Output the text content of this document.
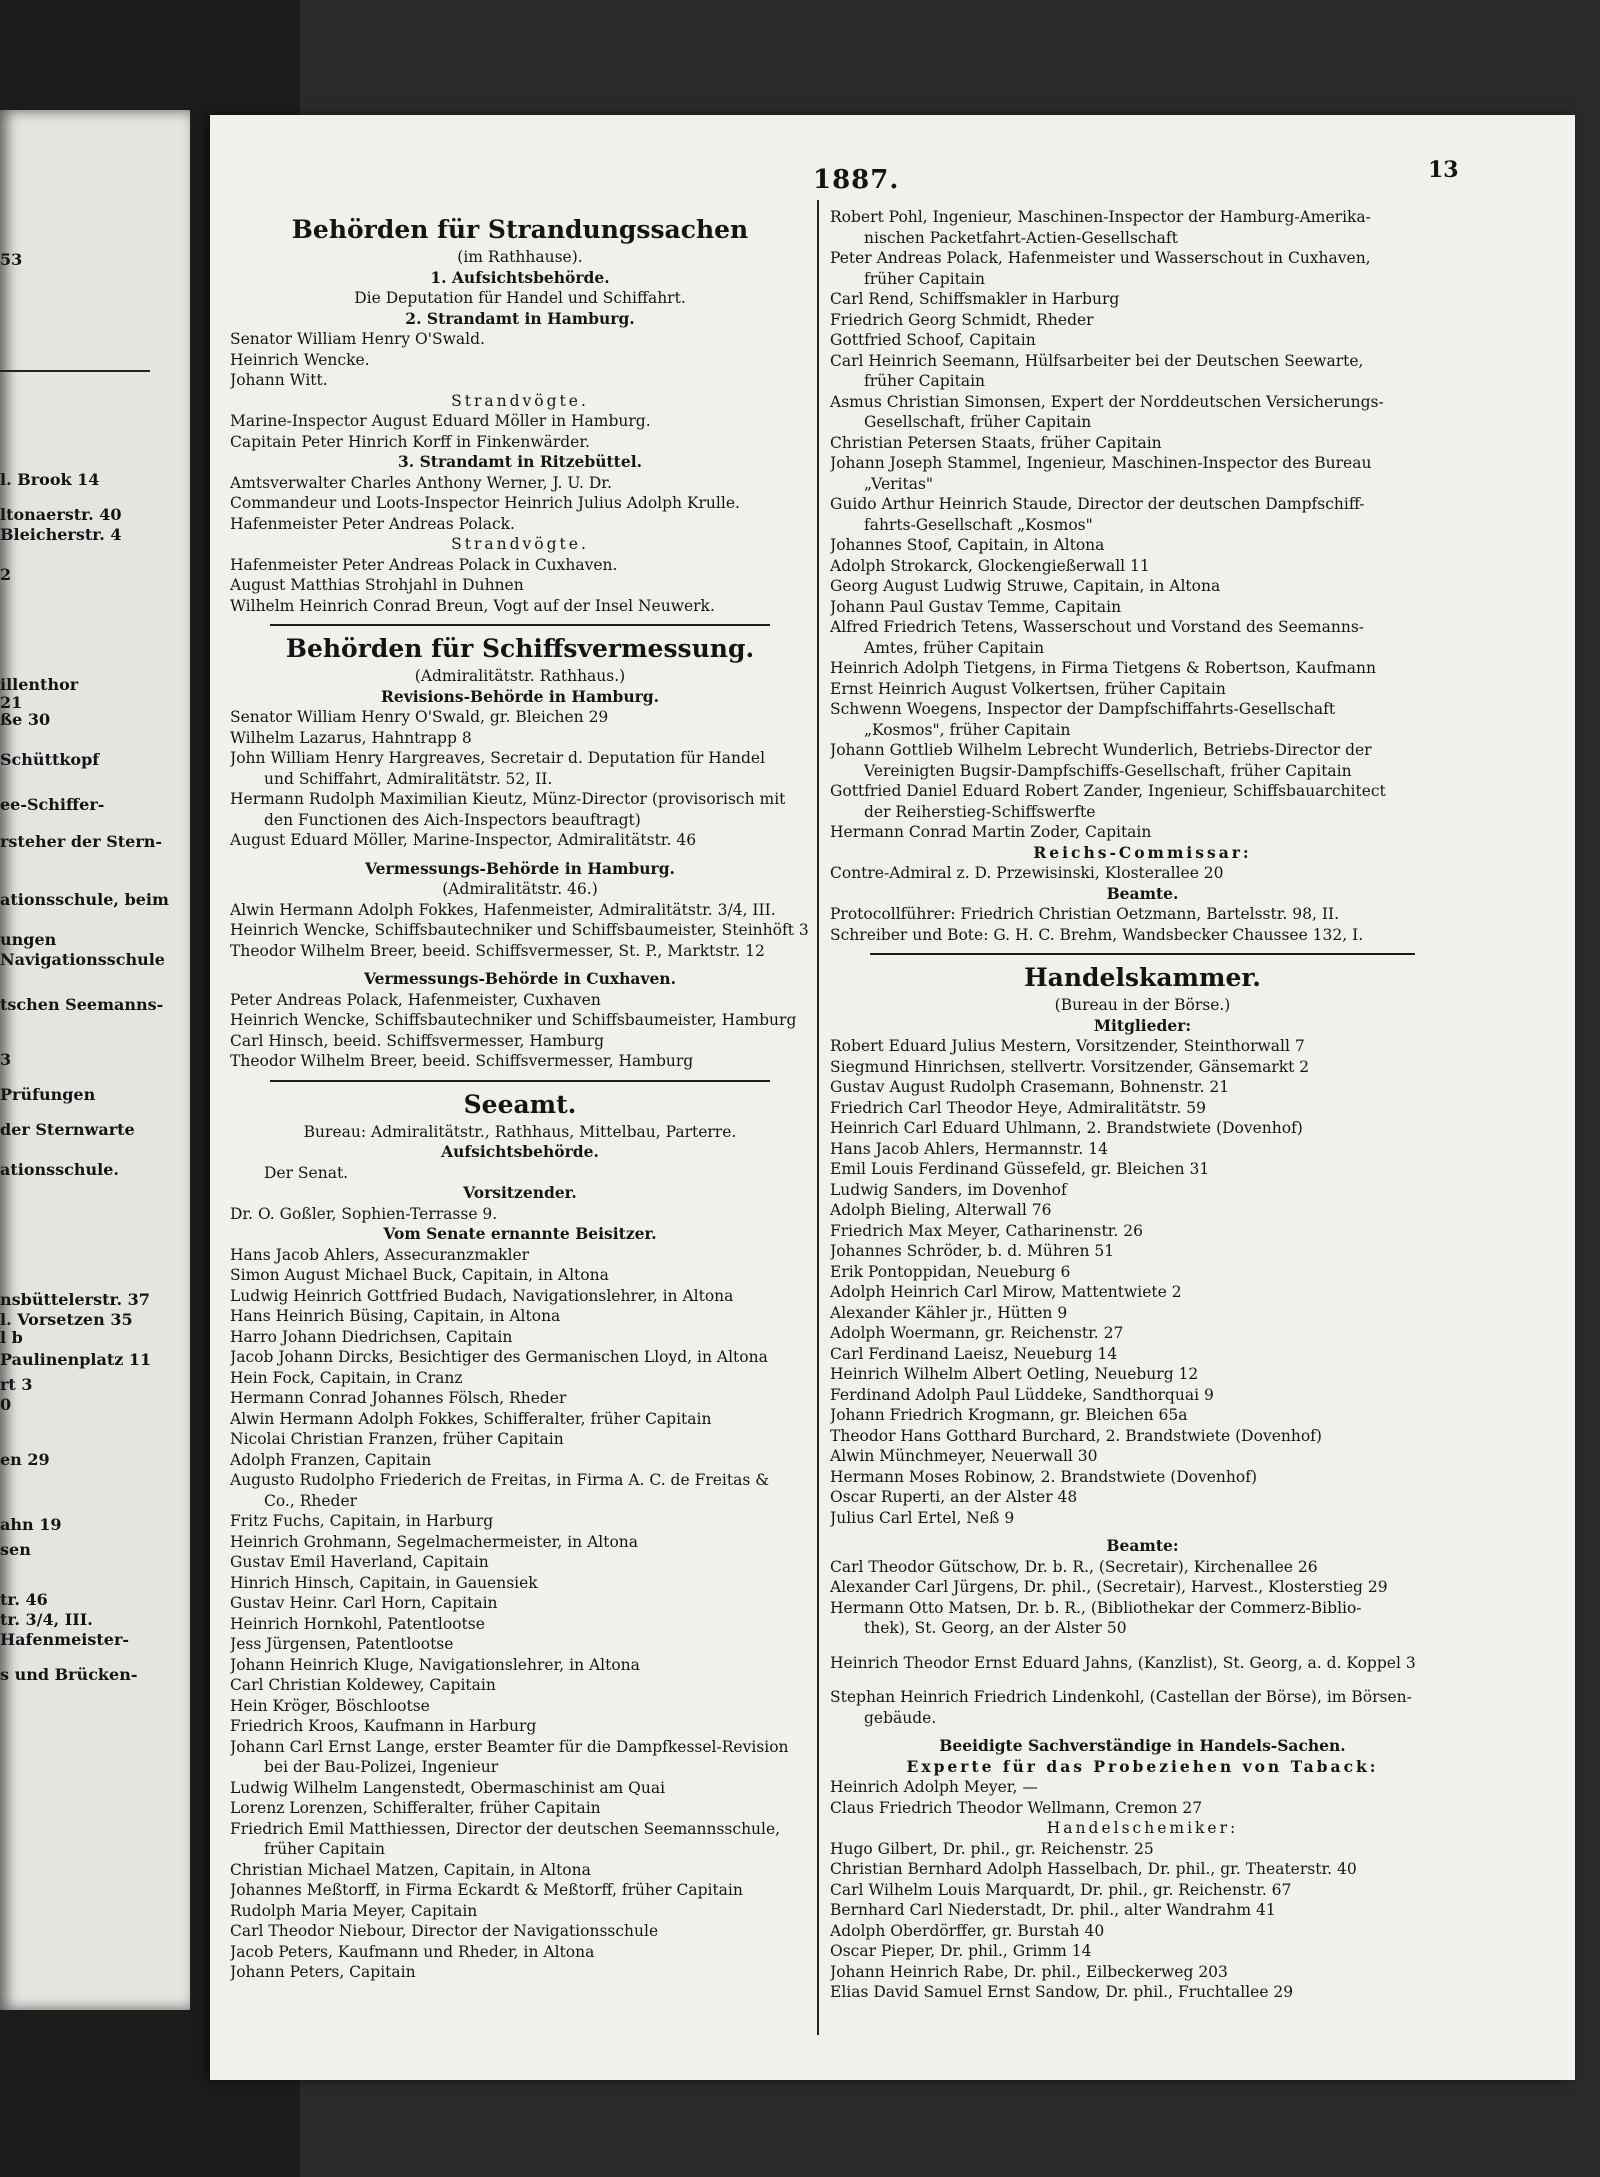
53
l. Brook 14
ltonaerstr. 40
Bleicherstr. 4
2
illenthor
21
ße 30
Schüttkopf
ee-Schiffer-
rsteher der Stern-
ationsschule, beim
ungen
Navigationsschule
tschen Seemanns-
3
Prüfungen
der Sternwarte
ationsschule.
nsbüttelerstr. 37
l. Vorsetzen 35
l b
Paulinenplatz 11
rt 3
0
en 29
ahn 19
sen
tr. 46
tr. 3/4, III.
Hafenmeister-
s und Brücken-
1887.	13
Behörden für Strandungssachen
(im Rathhause).
1. Aufsichtsbehörde.
Die Deputation für Handel und Schiffahrt.
2. Strandamt in Hamburg.
Senator William Henry O'Swald.
Heinrich Wencke.
Johann Witt.
Strandvögte.
Marine-Inspector August Eduard Möller in Hamburg.
Capitain Peter Hinrich Korff in Finkenwärder.
3. Strandamt in Ritzebüttel.
Amtsverwalter Charles Anthony Werner, J. U. Dr.
Commandeur und Loots-Inspector Heinrich Julius Adolph Krulle.
Hafenmeister Peter Andreas Polack.
Strandvögte.
Hafenmeister Peter Andreas Polack in Cuxhaven.
August Matthias Strohjahl in Duhnen
Wilhelm Heinrich Conrad Breun, Vogt auf der Insel Neuwerk.
Behörden für Schiffsvermessung.
(Admiralitätstr. Rathhaus.)
Revisions-Behörde in Hamburg.
Senator William Henry O'Swald, gr. Bleichen 29
Wilhelm Lazarus, Hahntrapp 8
John William Henry Hargreaves, Secretair d. Deputation für Handel
und Schiffahrt, Admiralitätstr. 52, II.
Hermann Rudolph Maximilian Kieutz, Münz-Director (provisorisch mit
den Functionen des Aich-Inspectors beauftragt)
August Eduard Möller, Marine-Inspector, Admiralitätstr. 46
Vermessungs-Behörde in Hamburg.
(Admiralitätstr. 46.)
Alwin Hermann Adolph Fokkes, Hafenmeister, Admiralitätstr. 3/4, III.
Heinrich Wencke, Schiffsbautechniker und Schiffsbaumeister, Steinhöft 3
Theodor Wilhelm Breer, beeid. Schiffsvermesser, St. P., Marktstr. 12
Vermessungs-Behörde in Cuxhaven.
Peter Andreas Polack, Hafenmeister, Cuxhaven
Heinrich Wencke, Schiffsbautechniker und Schiffsbaumeister, Hamburg
Carl Hinsch, beeid. Schiffsvermesser, Hamburg
Theodor Wilhelm Breer, beeid. Schiffsvermesser, Hamburg
Seeamt.
Bureau: Admiralitätstr., Rathhaus, Mittelbau, Parterre.
Aufsichtsbehörde.
Der Senat.
Vorsitzender.
Dr. O. Goßler, Sophien-Terrasse 9.
Vom Senate ernannte Beisitzer.
Hans Jacob Ahlers, Assecuranzmakler
Simon August Michael Buck, Capitain, in Altona
Ludwig Heinrich Gottfried Budach, Navigationslehrer, in Altona
Hans Heinrich Büsing, Capitain, in Altona
Harro Johann Diedrichsen, Capitain
Jacob Johann Dircks, Besichtiger des Germanischen Lloyd, in Altona
Hein Fock, Capitain, in Cranz
Hermann Conrad Johannes Fölsch, Rheder
Alwin Hermann Adolph Fokkes, Schifferalter, früher Capitain
Nicolai Christian Franzen, früher Capitain
Adolph Franzen, Capitain
Augusto Rudolpho Friederich de Freitas, in Firma A. C. de Freitas &
Co., Rheder
Fritz Fuchs, Capitain, in Harburg
Heinrich Grohmann, Segelmachermeister, in Altona
Gustav Emil Haverland, Capitain
Hinrich Hinsch, Capitain, in Gauensiek
Gustav Heinr. Carl Horn, Capitain
Heinrich Hornkohl, Patentlootse
Jess Jürgensen, Patentlootse
Johann Heinrich Kluge, Navigationslehrer, in Altona
Carl Christian Koldewey, Capitain
Hein Kröger, Böschlootse
Friedrich Kroos, Kaufmann in Harburg
Johann Carl Ernst Lange, erster Beamter für die Dampfkessel-Revision
bei der Bau-Polizei, Ingenieur
Ludwig Wilhelm Langenstedt, Obermaschinist am Quai
Lorenz Lorenzen, Schifferalter, früher Capitain
Friedrich Emil Matthiessen, Director der deutschen Seemannsschule,
früher Capitain
Christian Michael Matzen, Capitain, in Altona
Johannes Meßtorff, in Firma Eckardt & Meßtorff, früher Capitain
Rudolph Maria Meyer, Capitain
Carl Theodor Niebour, Director der Navigationsschule
Jacob Peters, Kaufmann und Rheder, in Altona
Johann Peters, Capitain
Robert Pohl, Ingenieur, Maschinen-Inspector der Hamburg-Amerika-
nischen Packetfahrt-Actien-Gesellschaft
Peter Andreas Polack, Hafenmeister und Wasserschout in Cuxhaven,
früher Capitain
Carl Rend, Schiffsmakler in Harburg
Friedrich Georg Schmidt, Rheder
Gottfried Schoof, Capitain
Carl Heinrich Seemann, Hülfsarbeiter bei der Deutschen Seewarte,
früher Capitain
Asmus Christian Simonsen, Expert der Norddeutschen Versicherungs-
Gesellschaft, früher Capitain
Christian Petersen Staats, früher Capitain
Johann Joseph Stammel, Ingenieur, Maschinen-Inspector des Bureau
„Veritas"
Guido Arthur Heinrich Staude, Director der deutschen Dampfschiff-
fahrts-Gesellschaft „Kosmos"
Johannes Stoof, Capitain, in Altona
Adolph Strokarck, Glockengießerwall 11
Georg August Ludwig Struwe, Capitain, in Altona
Johann Paul Gustav Temme, Capitain
Alfred Friedrich Tetens, Wasserschout und Vorstand des Seemanns-
Amtes, früher Capitain
Heinrich Adolph Tietgens, in Firma Tietgens & Robertson, Kaufmann
Ernst Heinrich August Volkertsen, früher Capitain
Schwenn Woegens, Inspector der Dampfschiffahrts-Gesellschaft
„Kosmos", früher Capitain
Johann Gottlieb Wilhelm Lebrecht Wunderlich, Betriebs-Director der
Vereinigten Bugsir-Dampfschiffs-Gesellschaft, früher Capitain
Gottfried Daniel Eduard Robert Zander, Ingenieur, Schiffsbauarchitect
der Reiherstieg-Schiffswerfte
Hermann Conrad Martin Zoder, Capitain
Reichs-Commissar:
Contre-Admiral z. D. Przewisinski, Klosterallee 20
Beamte.
Protocollführer: Friedrich Christian Oetzmann, Bartelsstr. 98, II.
Schreiber und Bote: G. H. C. Brehm, Wandsbecker Chaussee 132, I.
Handelskammer.
(Bureau in der Börse.)
Mitglieder:
Robert Eduard Julius Mestern, Vorsitzender, Steinthorwall 7
Siegmund Hinrichsen, stellvertr. Vorsitzender, Gänsemarkt 2
Gustav August Rudolph Crasemann, Bohnenstr. 21
Friedrich Carl Theodor Heye, Admiralitätstr. 59
Heinrich Carl Eduard Uhlmann, 2. Brandstwiete (Dovenhof)
Hans Jacob Ahlers, Hermannstr. 14
Emil Louis Ferdinand Güssefeld, gr. Bleichen 31
Ludwig Sanders, im Dovenhof
Adolph Bieling, Alterwall 76
Friedrich Max Meyer, Catharinenstr. 26
Johannes Schröder, b. d. Mühren 51
Erik Pontoppidan, Neueburg 6
Adolph Heinrich Carl Mirow, Mattentwiete 2
Alexander Kähler jr., Hütten 9
Adolph Woermann, gr. Reichenstr. 27
Carl Ferdinand Laeisz, Neueburg 14
Heinrich Wilhelm Albert Oetling, Neueburg 12
Ferdinand Adolph Paul Lüddeke, Sandthorquai 9
Johann Friedrich Krogmann, gr. Bleichen 65a
Theodor Hans Gotthard Burchard, 2. Brandstwiete (Dovenhof)
Alwin Münchmeyer, Neuerwall 30
Hermann Moses Robinow, 2. Brandstwiete (Dovenhof)
Oscar Ruperti, an der Alster 48
Julius Carl Ertel, Neß 9
Beamte:
Carl Theodor Gütschow, Dr. b. R., (Secretair), Kirchenallee 26
Alexander Carl Jürgens, Dr. phil., (Secretair), Harvest., Klosterstieg 29
Hermann Otto Matsen, Dr. b. R., (Bibliothekar der Commerz-Biblio-
thek), St. Georg, an der Alster 50
Heinrich Theodor Ernst Eduard Jahns, (Kanzlist), St. Georg, a. d. Koppel 3
Stephan Heinrich Friedrich Lindenkohl, (Castellan der Börse), im Börsen-
gebäude.
Beeidigte Sachverständige in Handels-Sachen.
Experte für das Probeziehen von Taback:
Heinrich Adolph Meyer, —
Claus Friedrich Theodor Wellmann, Cremon 27
Handelschemiker:
Hugo Gilbert, Dr. phil., gr. Reichenstr. 25
Christian Bernhard Adolph Hasselbach, Dr. phil., gr. Theaterstr. 40
Carl Wilhelm Louis Marquardt, Dr. phil., gr. Reichenstr. 67
Bernhard Carl Niederstadt, Dr. phil., alter Wandrahm 41
Adolph Oberdörffer, gr. Burstah 40
Oscar Pieper, Dr. phil., Grimm 14
Johann Heinrich Rabe, Dr. phil., Eilbeckerweg 203
Elias David Samuel Ernst Sandow, Dr. phil., Fruchtallee 29
